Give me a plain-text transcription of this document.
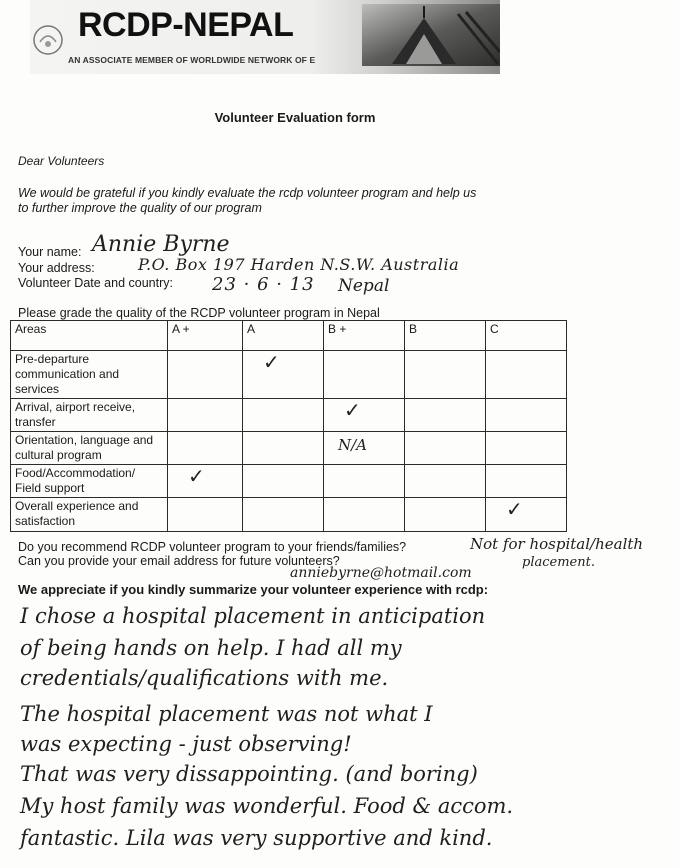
RCDP-NEPAL
AN ASSOCIATE MEMBER OF WORLDWIDE NETWORK OF E
Volunteer Evaluation form
Dear Volunteers
We would be grateful if you kindly evaluate the rcdp volunteer program and help us
to further improve the quality of our program
Your name: Annie Byrne
Your address:	P.O. Box 197 Harden N.S.W. Australia
Volunteer Date and country: 23 · 6 · 13 Nepal
Please grade the quality of the RCDP volunteer program in Nepal
Areas	A +	A	B +	B	C
Pre-departure communication and services		✓			

Arrival, airport receive, transfer			✓		

Orientation, language and cultural program			N/A		

Food/Accommodation/ Field support	✓				

Overall experience and satisfaction					✓
Do you recommend RCDP volunteer program to your friends/families?	Not for hospital/health
placement.
Can you provide your email address for future volunteers?
anniebyrne@hotmail.com
We appreciate if you kindly summarize your volunteer experience with rcdp:
I chose a hospital placement in anticipation
of being hands on help. I had all my
credentials/qualifications with me.
The hospital placement was not what I
was expecting - just observing!
That was very dissappointing. (and boring)
My host family was wonderful. Food & accom.
fantastic. Lila was very supportive and kind.
